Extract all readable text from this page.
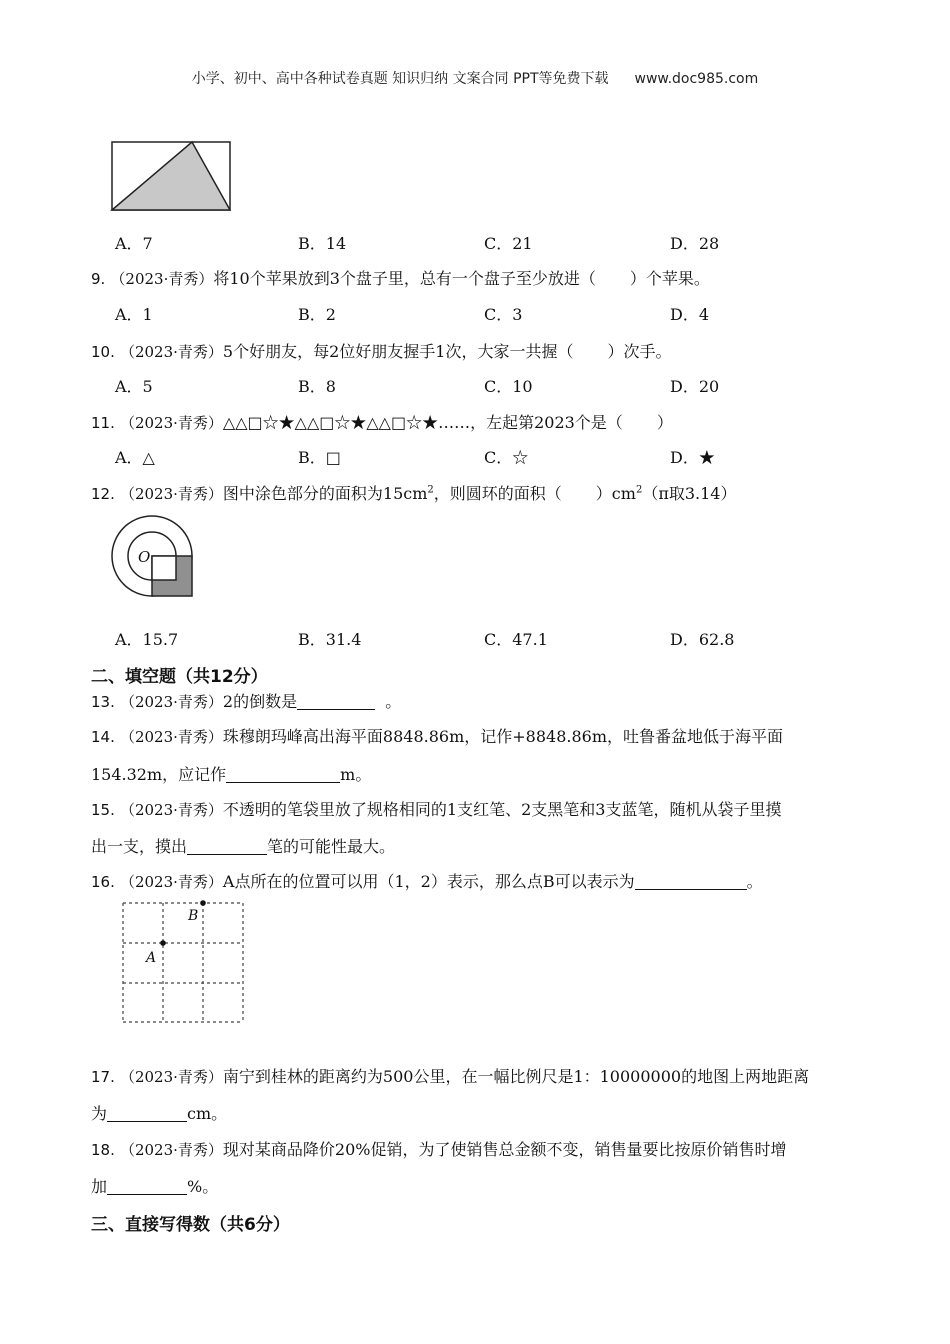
小学、初中、高中各种试卷真题 知识归纳 文案合同 PPT等免费下载 www.doc985.com
A．7	B．14	C．21	D．28
9. （2023·青秀）将10个苹果放到3个盘子里，总有一个盘子至少放进（ ）个苹果。
A．1	B．2	C．3	D．4
10. （2023·青秀）5个好朋友，每2位好朋友握手1次，大家一共握（ ）次手。
A．5	B．8	C．10	D．20
11. （2023·青秀）△△□☆★△△□☆★△△□☆★……，左起第2023个是（ ）
A．△	B．□	C．☆	D．★
12. （2023·青秀）图中涂色部分的面积为$15cm^2$，则圆环的面积（ ）$cm^2(\pi$取3.14）
O
A．15.7	B．31.4	C．47.1	D．62.8
二、填空题（共12分）
13. （2023·青秀）2的倒数是	。
14. （2023·青秀）珠穆朗玛峰高出海平面8848.86m，记作+8848.86m，吐鲁番盆地低于海平面
154.32m，应记作	m。
15. （2023·青秀）不透明的笔袋里放了规格相同的1支红笔、2支黑笔和3支蓝笔，随机从袋子里摸
出一支，摸出	笔的可能性最大。
16. （2023·青秀）A点所在的位置可以用（1，2）表示，那么点B可以表示为	。
B
A
17. （2023·青秀）南宁到桂林的距离约为500公里，在一幅比例尺是1：10000000的地图上两地距离
为	cm。
18. （2023·青秀）现对某商品降价20%促销，为了使销售总金额不变，销售量要比按原价销售时增
加	%。
三、直接写得数（共6分）
